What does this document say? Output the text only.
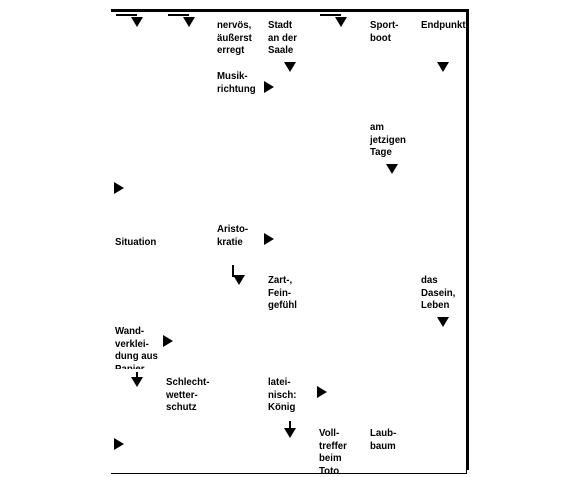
nervös,
äußerst
erregt
Stadt
an der
Saale
Sport-
boot
Endpunkt
Musik-
richtung
am
jetzigen
Tage
Situation
Aristo-
kratie
Zart-,
Fein-
gefühl
das
Dasein,
Leben
Wand-
verklei-
dung aus

Schlecht-
wetter-
schutz
latei-
nisch:
König
Voll-
treffer
beim
Toto
Laub-
baum
